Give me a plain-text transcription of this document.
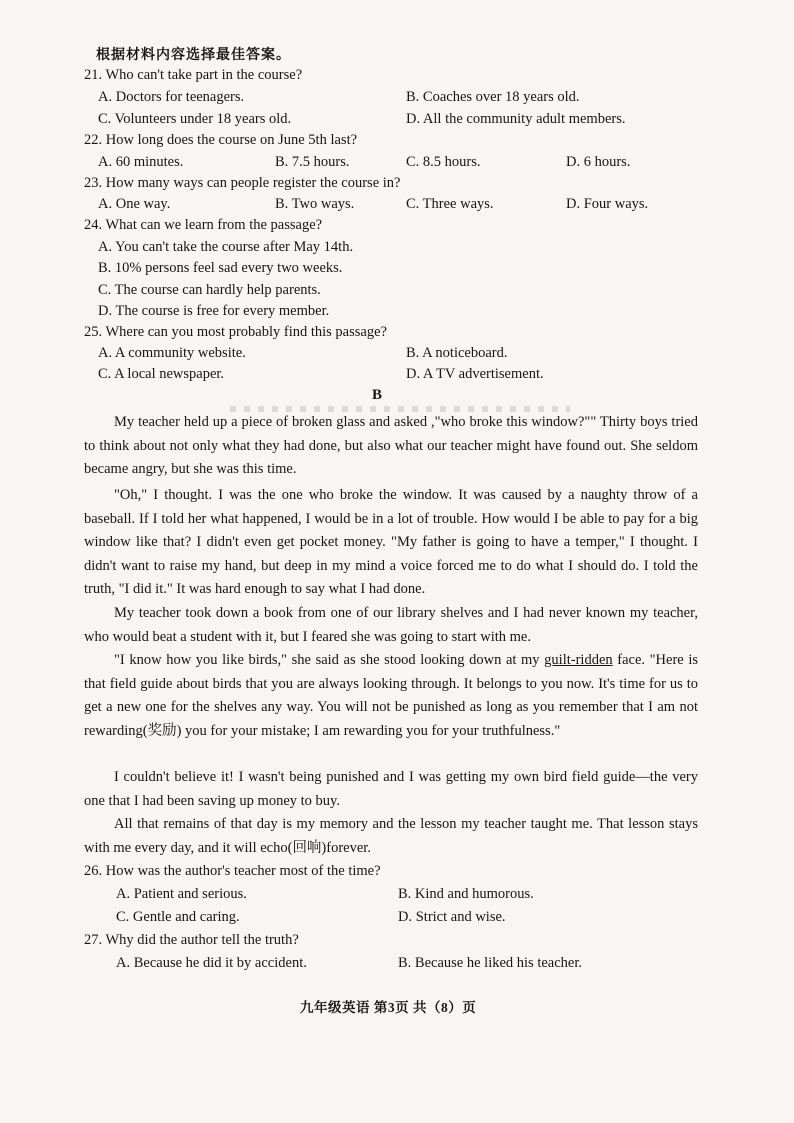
根据材料内容选择最佳答案。
21. Who can't take part in the course?
A. Doctors for teenagers.	B. Coaches over 18 years old.
C. Volunteers under 18 years old.	D. All the community adult members.
22. How long does the course on June 5th last?
A. 60 minutes.	B. 7.5 hours.	C. 8.5 hours.	D. 6 hours.
23. How many ways can people register the course in?
A. One way.	B. Two ways.	C. Three ways.	D. Four ways.
24. What can we learn from the passage?
A. You can't take the course after May 14th.
B. 10% persons feel sad every two weeks.
C. The course can hardly help parents.
D. The course is free for every member.
25. Where can you most probably find this passage?
A. A community website.	B. A noticeboard.
C. A local newspaper.	D. A TV advertisement.
B
My teacher held up a piece of broken glass and asked ,"who broke this window?"" Thirty boys tried to think about not only what they had done, but also what our teacher might have found out. She seldom became angry, but she was this time.
"Oh," I thought. I was the one who broke the window. It was caused by a naughty throw of a baseball. If I told her what happened, I would be in a lot of trouble. How would I be able to pay for a big window like that? I didn't even get pocket money. "My father is going to have a temper," I thought. I didn't want to raise my hand, but deep in my mind a voice forced me to do what I should do. I told the truth, "I did it." It was hard enough to say what I had done.
My teacher took down a book from one of our library shelves and I had never known my teacher, who would beat a student with it, but I feared she was going to start with me.
"I know how you like birds," she said as she stood looking down at my guilt-ridden face. "Here is that field guide about birds that you are always looking through. It belongs to you now. It's time for us to get a new one for the shelves any way. You will not be punished as long as you remember that I am not rewarding(奖励) you for your mistake; I am rewarding you for your truthfulness."
I couldn't believe it! I wasn't being punished and I was getting my own bird field guide—the very one that I had been saving up money to buy.
All that remains of that day is my memory and the lesson my teacher taught me. That lesson stays with me every day, and it will echo(回响)forever.
26. How was the author's teacher most of the time?
A. Patient and serious.	B. Kind and humorous.
C. Gentle and caring.	D. Strict and wise.
27. Why did the author tell the truth?
A. Because he did it by accident.	B. Because he liked his teacher.
九年级英语 第3页 共（8）页
